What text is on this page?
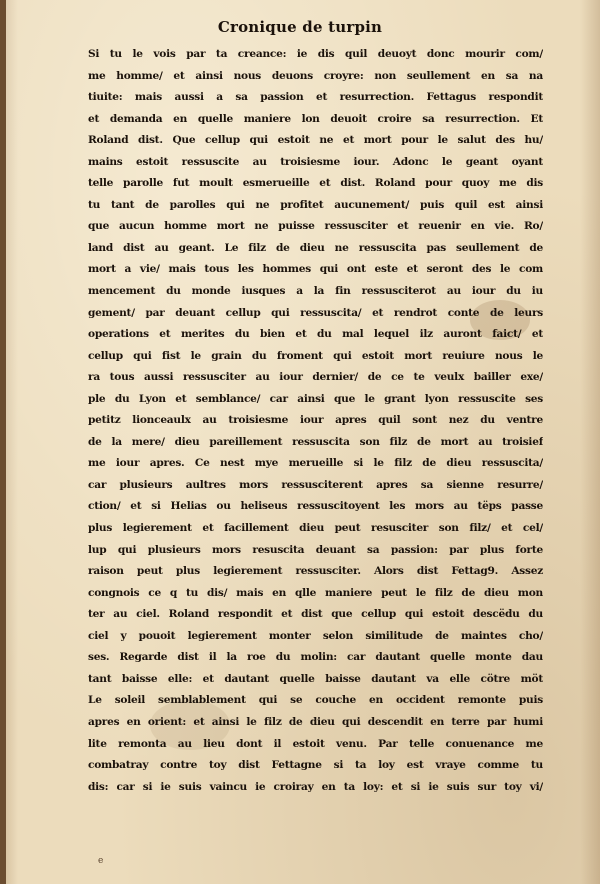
Cronique de turpin
Si tu le vois par ta creance: ie dis quil deuoyt donc mourir com/
me homme/ et ainsi nous deuons croyre: non seullement en sa na
tiuite: mais aussi a sa passion et resurrection. Fettagus respondit
et demanda en quelle maniere lon deuoit croire sa resurrection. Et
Roland dist. Que cellup qui estoit ne et mort pour le salut des hu/
mains estoit ressuscite au troisiesme iour. Adonc le geant oyant
telle parolle fut moult esmerueille et dist. Roland pour quoy me dis
tu tant de parolles qui ne profitet aucunement/ puis quil est ainsi
que aucun homme mort ne puisse ressusciter et reuenir en vie. Ro/
land dist au geant. Le filz de dieu ne ressuscita pas seullement de
mort a vie/ mais tous les hommes qui ont este et seront des le com
mencement du monde iusques a la fin ressusciterot au iour du iu
gement/ par deuant cellup qui ressuscita/ et rendrot conte de leurs
operations et merites du bien et du mal lequel ilz auront faict/ et
cellup qui fist le grain du froment qui estoit mort reuiure nous le
ra tous aussi ressusciter au iour dernier/ de ce te veulx bailler exe/
ple du Lyon et semblance/ car ainsi que le grant lyon ressuscite ses
petitz lionceaulx au troisiesme iour apres quil sont nez du ventre
de la mere/ dieu pareillement ressuscita son filz de mort au troisief
me iour apres. Ce nest mye merueille si le filz de dieu ressuscita/
car plusieurs aultres mors ressusciterent apres sa sienne resurre/
ction/ et si Helias ou heliseus ressuscitoyent les mors au tëps passe
plus legierement et facillement dieu peut resusciter son filz/ et cel/
lup qui plusieurs mors resuscita deuant sa passion: par plus forte
raison peut plus legierement ressusciter. Alors dist Fettag9. Assez
congnois ce q tu dis/ mais en qlle maniere peut le filz de dieu mon
ter au ciel. Roland respondit et dist que cellup qui estoit descëdu du
ciel y pouoit legierement monter selon similitude de maintes cho/
ses. Regarde dist il la roe du molin: car dautant quelle monte dau
tant baisse elle: et dautant quelle baisse dautant va elle cötre möt
Le soleil semblablement qui se couche en occident remonte puis
apres en orient: et ainsi le filz de dieu qui descendit en terre par humi
lite remonta au lieu dont il estoit venu. Par telle conuenance me
combatray contre toy dist Fettagne si ta loy est vraye comme tu
dis: car si ie suis vaincu ie croiray en ta loy: et si ie suis sur toy vi/
e
